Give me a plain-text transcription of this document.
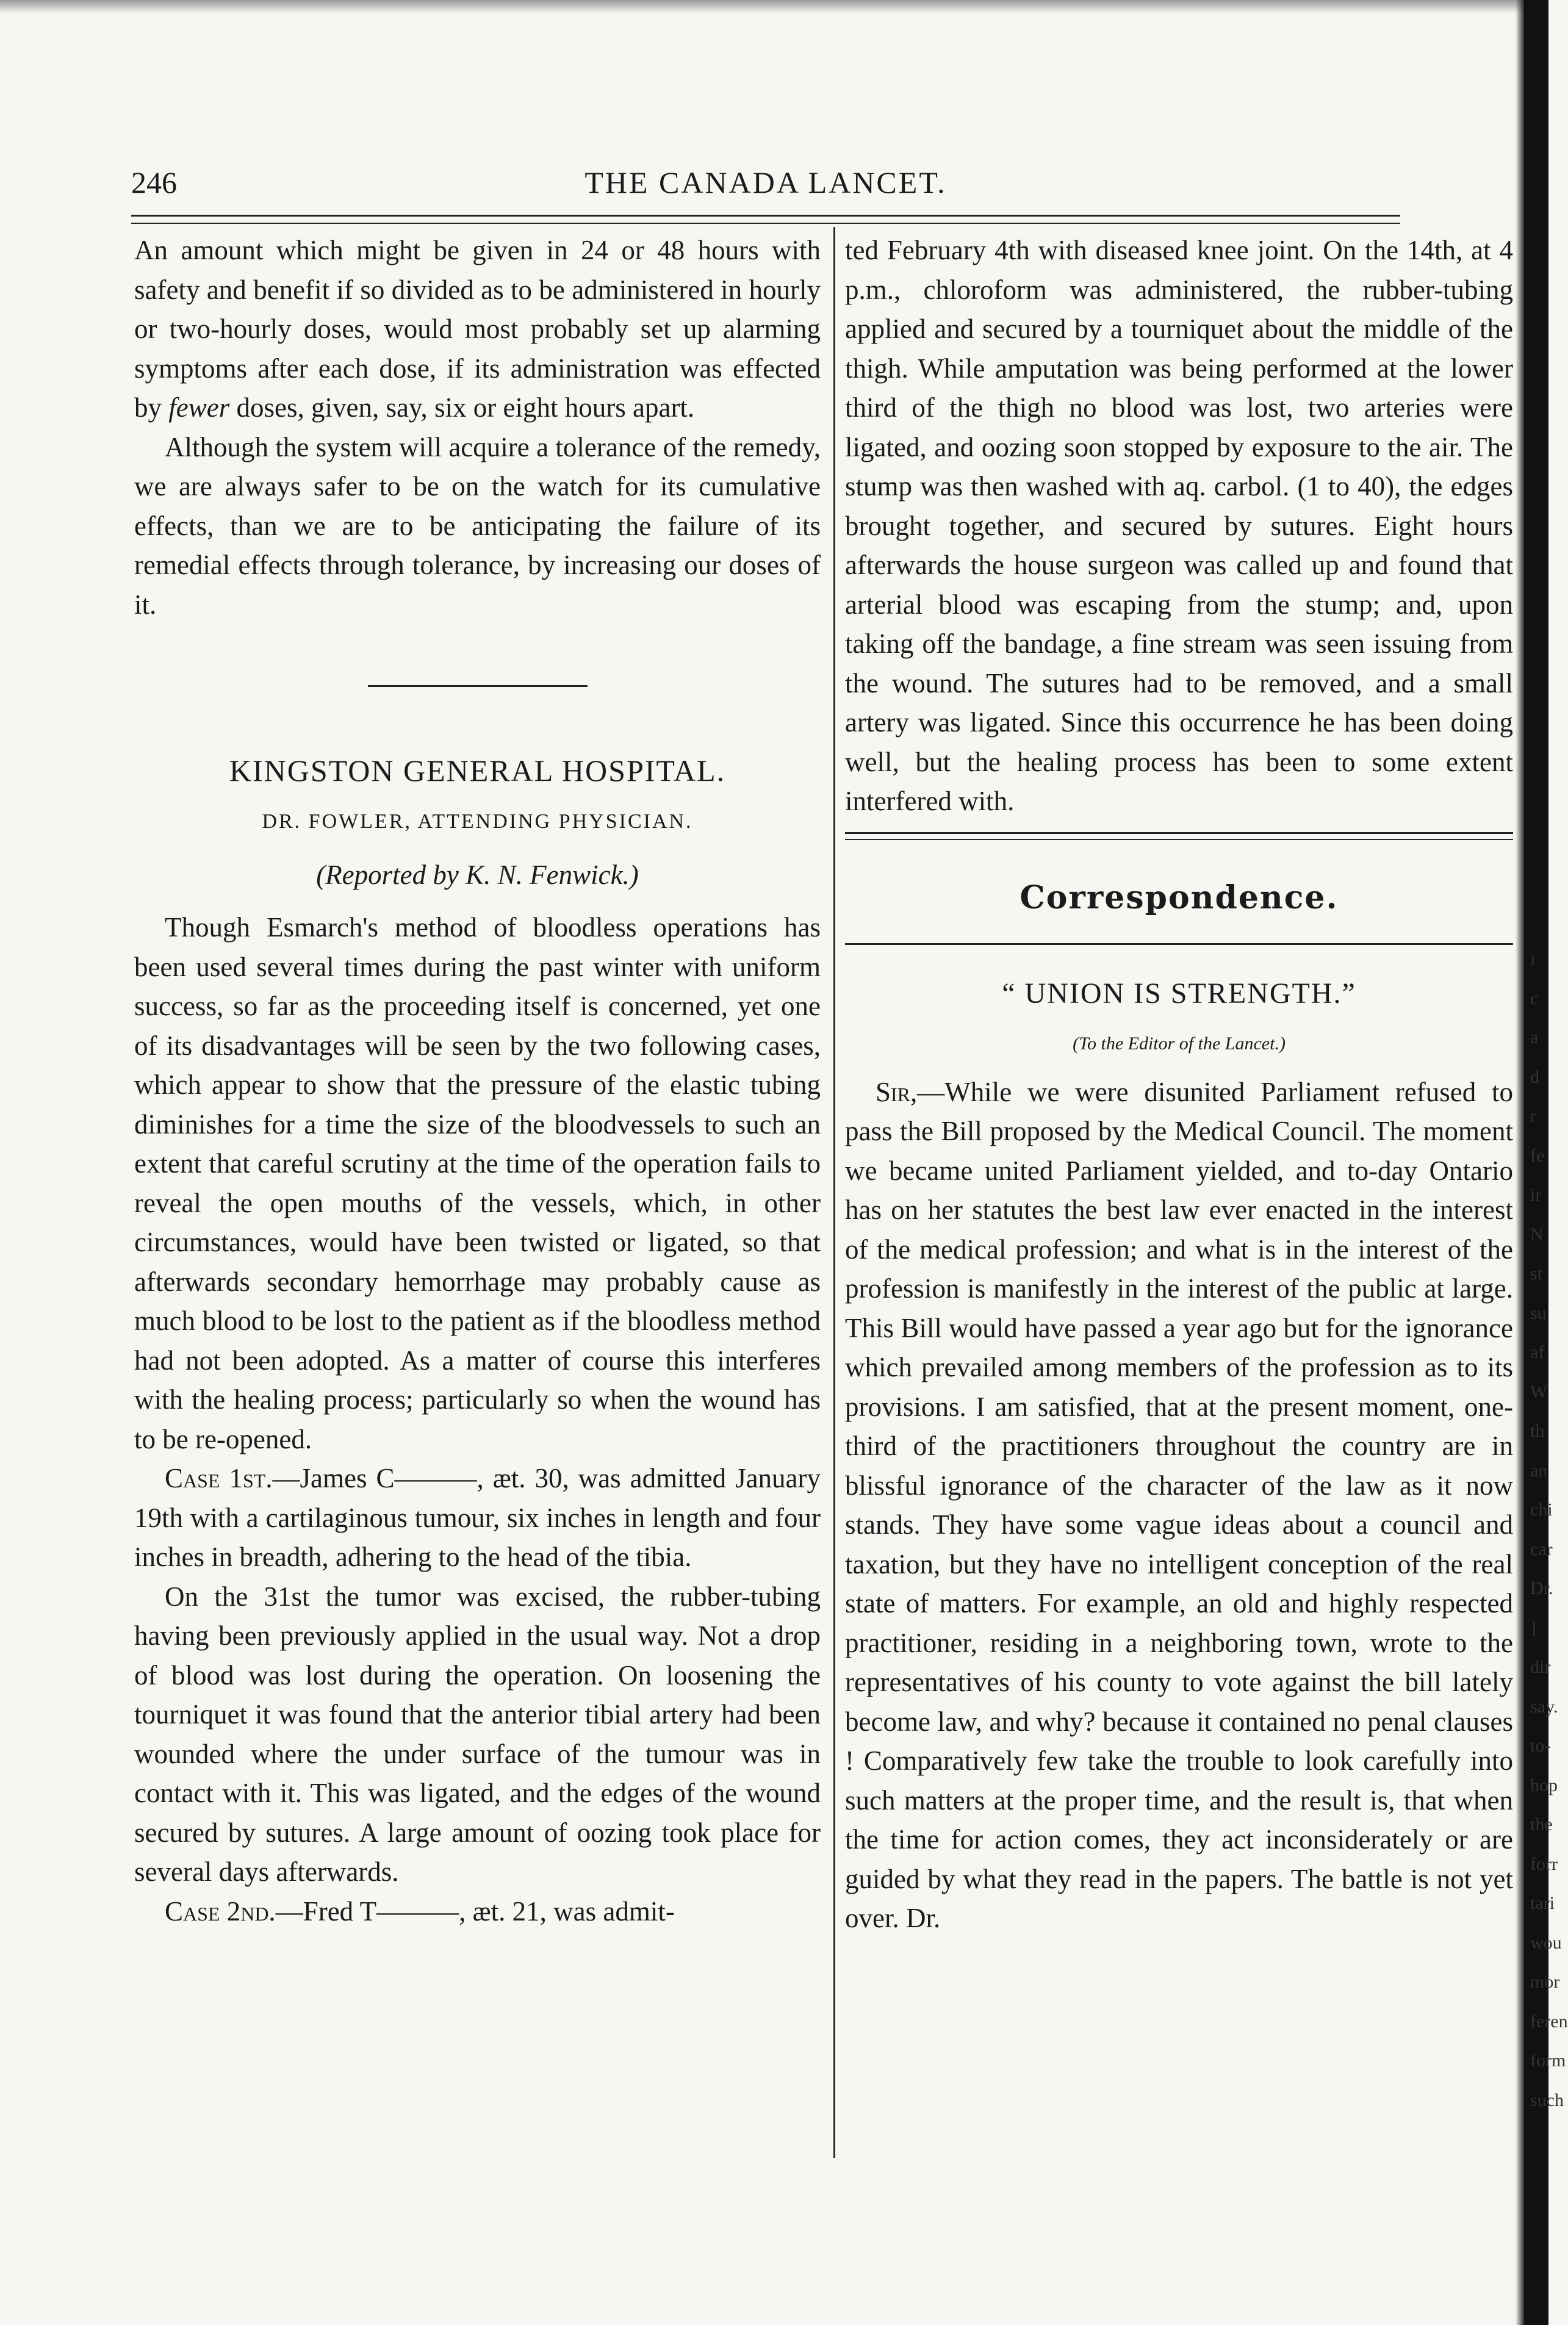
246	THE CANADA LANCET.

An amount which might be given in 24 or 48 hours with safety and benefit if so divided as to be administered in hourly or two-hourly doses, would most probably set up alarming symptoms after each dose, if its administration was effected by fewer doses, given, say, six or eight hours apart.

Although the system will acquire a tolerance of the remedy, we are always safer to be on the watch for its cumulative effects, than we are to be anticipating the failure of its remedial effects through tolerance, by increasing our doses of it.

KINGSTON GENERAL HOSPITAL.
DR. FOWLER, ATTENDING PHYSICIAN.
(Reported by K. N. Fenwick.)

Though Esmarch's method of bloodless operations has been used several times during the past winter with uniform success, so far as the proceeding itself is concerned, yet one of its disadvantages will be seen by the two following cases, which appear to show that the pressure of the elastic tubing diminishes for a time the size of the bloodvessels to such an extent that careful scrutiny at the time of the operation fails to reveal the open mouths of the vessels, which, in other circumstances, would have been twisted or ligated, so that afterwards secondary hemorrhage may probably cause as much blood to be lost to the patient as if the bloodless method had not been adopted. As a matter of course this interferes with the healing process; particularly so when the wound has to be re-opened.

Case 1st.—James C———, æt. 30, was admitted January 19th with a cartilaginous tumour, six inches in length and four inches in breadth, adhering to the head of the tibia.

On the 31st the tumor was excised, the rubber-tubing having been previously applied in the usual way. Not a drop of blood was lost during the operation. On loosening the tourniquet it was found that the anterior tibial artery had been wounded where the under surface of the tumour was in contact with it. This was ligated, and the edges of the wound secured by sutures. A large amount of oozing took place for several days afterwards.

Case 2nd.—Fred T———, æt. 21, was admit-

ted February 4th with diseased knee joint. On the 14th, at 4 p.m., chloroform was administered, the rubber-tubing applied and secured by a tourniquet about the middle of the thigh. While amputation was being performed at the lower third of the thigh no blood was lost, two arteries were ligated, and oozing soon stopped by exposure to the air. The stump was then washed with aq. carbol. (1 to 40), the edges brought together, and secured by sutures. Eight hours afterwards the house surgeon was called up and found that arterial blood was escaping from the stump; and, upon taking off the bandage, a fine stream was seen issuing from the wound. The sutures had to be removed, and a small artery was ligated. Since this occurrence he has been doing well, but the healing process has been to some extent interfered with.

Correspondence.
“ UNION IS STRENGTH.”
(To the Editor of the Lancet.)

Sir,—While we were disunited Parliament refused to pass the Bill proposed by the Medical Council. The moment we became united Parliament yielded, and to-day Ontario has on her statutes the best law ever enacted in the interest of the medical profession; and what is in the interest of the profession is manifestly in the interest of the public at large. This Bill would have passed a year ago but for the ignorance which prevailed among members of the profession as to its provisions. I am satisfied, that at the present moment, one-third of the practitioners throughout the country are in blissful ignorance of the character of the law as it now stands. They have some vague ideas about a council and taxation, but they have no intelligent conception of the real state of matters. For example, an old and highly respected practitioner, residing in a neighboring town, wrote to the representatives of his county to vote against the bill lately become law, and why? because it contained no penal clauses ! Comparatively few take the trouble to look carefully into such matters at the proper time, and the result is, that when the time for action comes, they act inconsiderately or are guided by what they read in the papers. The battle is not yet over. Dr.

ı
c
a
d
r
fe
ir
N
st
su
af
W
th
an
chi
car
Dr.
]
dir
say.
to-
hop
the
forr
tari
wou
mor
feren
form
such
